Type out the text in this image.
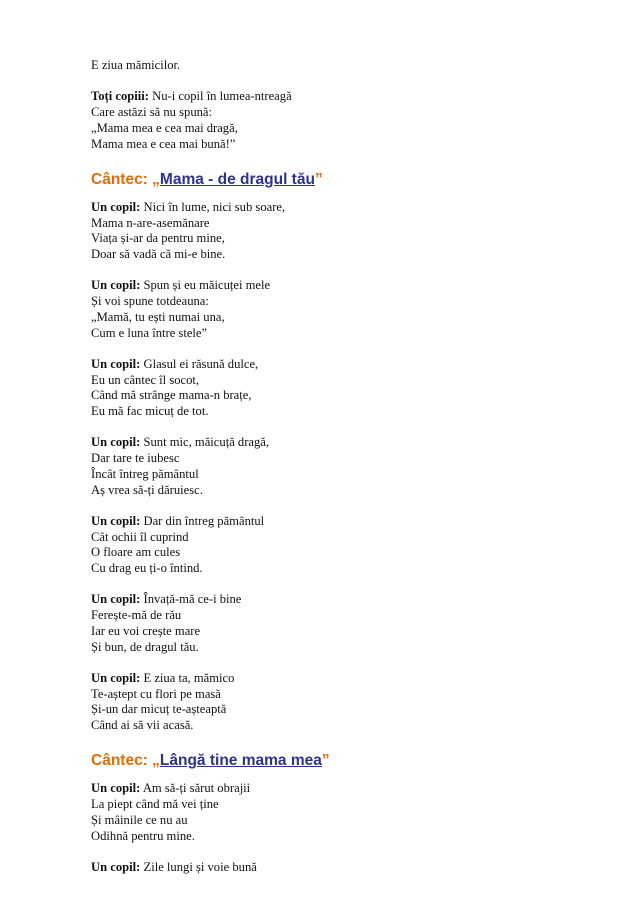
E ziua mămicilor.
Toți copiii: Nu-i copil în lumea-ntreagă
Care astăzi să nu spună:
„Mama mea e cea mai dragă,
Mama mea e cea mai bună!”
Cântec: „Mama - de dragul tău”
Un copil: Nici în lume, nici sub soare,
Mama n-are-asemănare
Viața și-ar da pentru mine,
Doar să vadă că mi-e bine.
Un copil: Spun și eu măicuței mele
Și voi spune totdeauna:
„Mamă, tu ești numai una,
Cum e luna între stele”
Un copil: Glasul ei răsună dulce,
Eu un cântec îl socot,
Când mă strânge mama-n brațe,
Eu mă fac micuț de tot.
Un copil: Sunt mic, măicuță dragă,
Dar tare te iubesc
Încât întreg pământul
Aș vrea să-ți dăruiesc.
Un copil: Dar din întreg pământul
Cât ochii îl cuprind
O floare am cules
Cu drag eu ți-o întind.
Un copil: Învață-mă ce-i bine
Ferește-mă de rău
Iar eu voi crește mare
Și bun, de dragul tău.
Un copil: E ziua ta, mămico
Te-aștept cu flori pe masă
Și-un dar micuț te-așteaptă
Când ai să vii acasă.
Cântec: „Lângă tine mama mea”
Un copil: Am să-ți sărut obrajii
La piept când mă vei ține
Și mâinile ce nu au
Odihnă pentru mine.
Un copil: Zile lungi și voie bună
